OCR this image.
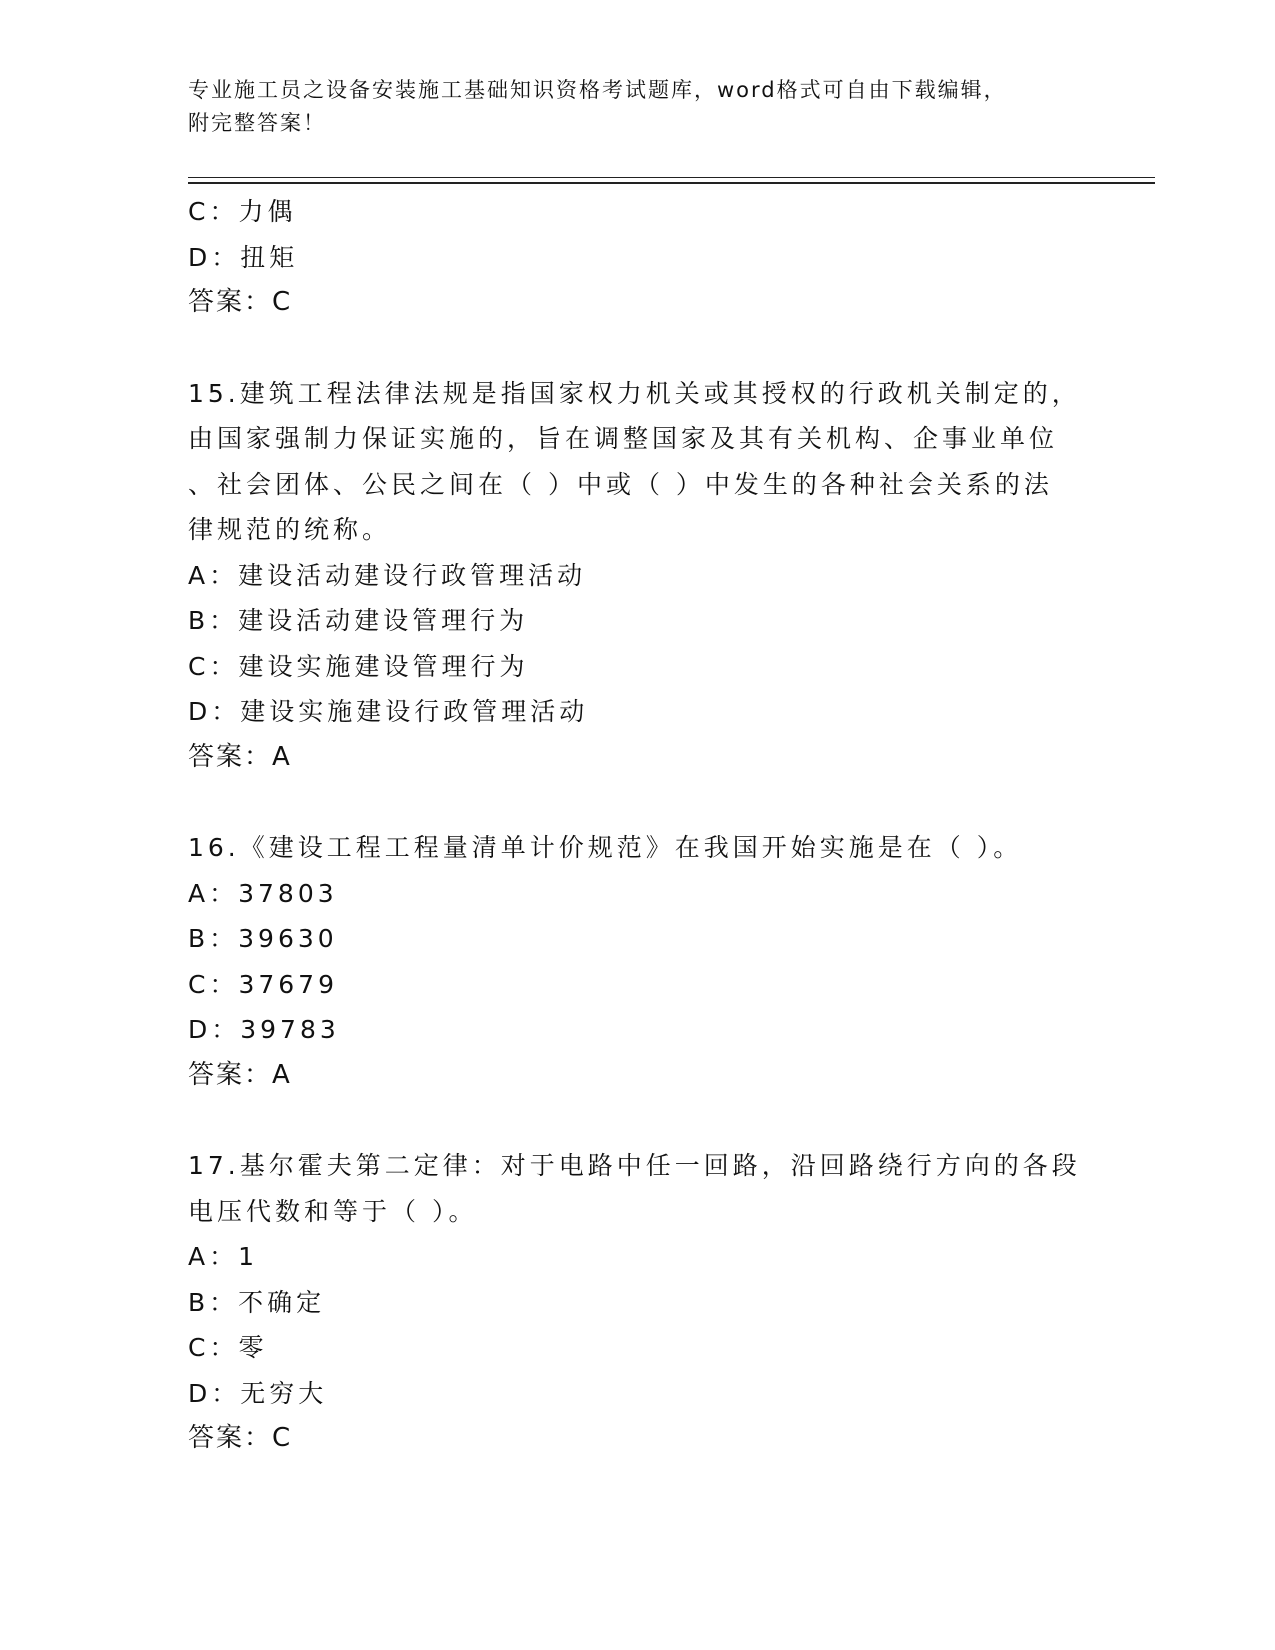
专业施工员之设备安装施工基础知识资格考试题库，word格式可自由下载编辑，
附完整答案！
C：力偶
D：扭矩
答案：C
15.建筑工程法律法规是指国家权力机关或其授权的行政机关制定的，
由国家强制力保证实施的，旨在调整国家及其有关机构、企事业单位
、社会团体、公民之间在（ ）中或（ ）中发生的各种社会关系的法
律规范的统称。
A：建设活动建设行政管理活动
B：建设活动建设管理行为
C：建设实施建设管理行为
D：建设实施建设行政管理活动
答案：A
16.《建设工程工程量清单计价规范》在我国开始实施是在（ ）。
A：37803
B：39630
C：37679
D：39783
答案：A
17.基尔霍夫第二定律：对于电路中任一回路，沿回路绕行方向的各段
电压代数和等于（ ）。
A：1
B：不确定
C：零
D：无穷大
答案：C
